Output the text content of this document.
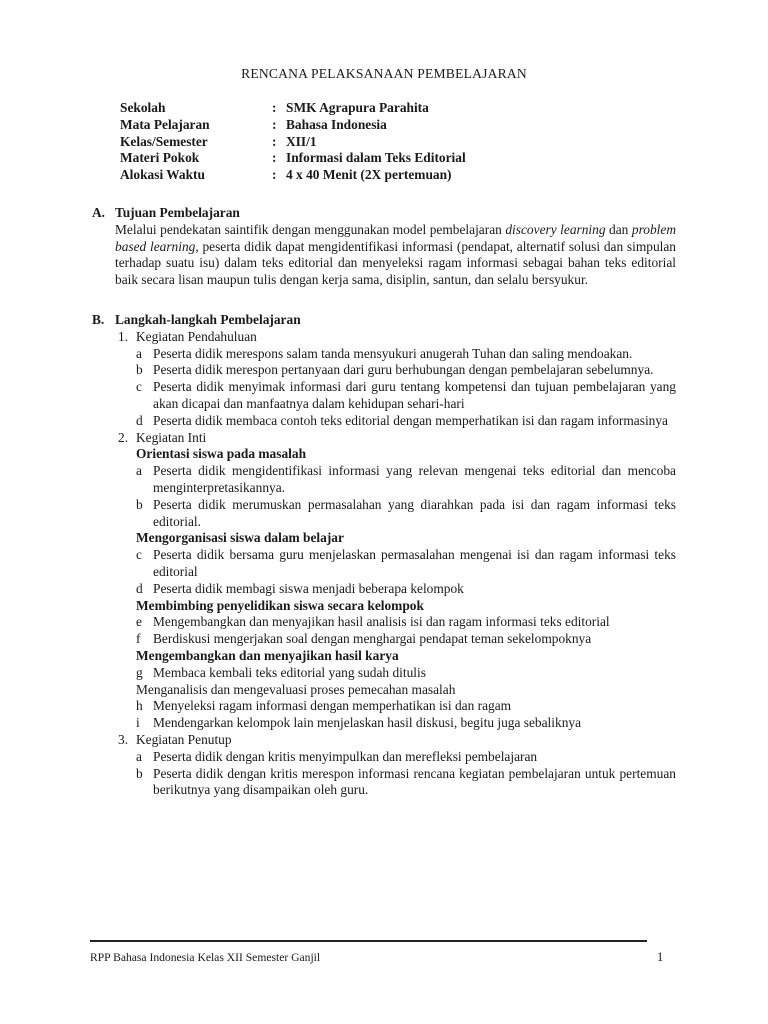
RENCANA PELAKSANAAN PEMBELAJARAN
Sekolah	: SMK Agrapura Parahita
Mata Pelajaran	: Bahasa Indonesia
Kelas/Semester	: XII/1
Materi Pokok	: Informasi dalam Teks Editorial
Alokasi Waktu	: 4 x 40 Menit (2X pertemuan)
A. Tujuan Pembelajaran
Melalui pendekatan saintifik dengan menggunakan model pembelajaran discovery learning dan problem based learning, peserta didik dapat mengidentifikasi informasi (pendapat, alternatif solusi dan simpulan terhadap suatu isu) dalam teks editorial dan menyeleksi ragam informasi sebagai bahan teks editorial baik secara lisan maupun tulis dengan kerja sama, disiplin, santun, dan selalu bersyukur.
B. Langkah-langkah Pembelajaran
1. Kegiatan Pendahuluan
a Peserta didik merespons salam tanda mensyukuri anugerah Tuhan dan saling mendoakan.
b Peserta didik merespon pertanyaan dari guru berhubungan dengan pembelajaran sebelumnya.
c Peserta didik menyimak informasi dari guru tentang kompetensi dan tujuan pembelajaran yang akan dicapai dan manfaatnya dalam kehidupan sehari-hari
d Peserta didik membaca contoh teks editorial dengan memperhatikan isi dan ragam informasinya
2. Kegiatan Inti
Orientasi siswa pada masalah
a Peserta didik mengidentifikasi informasi yang relevan mengenai teks editorial dan mencoba menginterpretasikannya.
b Peserta didik merumuskan permasalahan yang diarahkan pada isi dan ragam informasi teks editorial.
Mengorganisasi siswa dalam belajar
c Peserta didik bersama guru menjelaskan permasalahan mengenai isi dan ragam informasi teks editorial
d Peserta didik membagi siswa menjadi beberapa kelompok
Membimbing penyelidikan siswa secara kelompok
e Mengembangkan dan menyajikan hasil analisis isi dan ragam informasi teks editorial
f Berdiskusi mengerjakan soal dengan menghargai pendapat teman sekelompoknya
Mengembangkan dan menyajikan hasil karya
g Membaca kembali teks editorial yang sudah ditulis
Menganalisis dan mengevaluasi proses pemecahan masalah
h Menyeleksi ragam informasi dengan memperhatikan isi dan ragam
i Mendengarkan kelompok lain menjelaskan hasil diskusi, begitu juga sebaliknya
3. Kegiatan Penutup
a Peserta didik dengan kritis menyimpulkan dan merefleksi pembelajaran
b Peserta didik dengan kritis merespon informasi rencana kegiatan pembelajaran untuk pertemuan berikutnya yang disampaikan oleh guru.
RPP Bahasa Indonesia Kelas XII Semester Ganjil	1
